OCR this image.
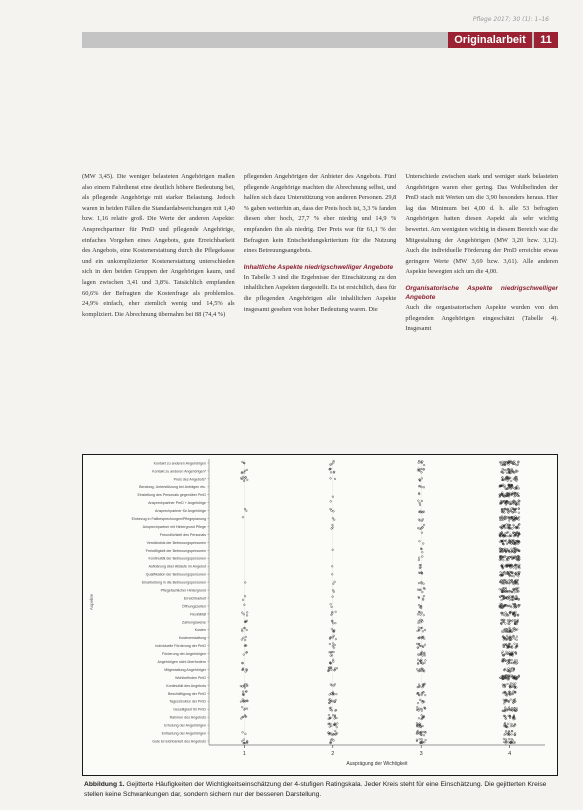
Pflege 2017; 30 (1): 1–16
Originalarbeit	11

(MW 3,45). Die weniger belasteten Angehörigen maßen also einem Fahrdienst eine deutlich höhere Bedeutung bei, als pflegende Angehörige mit starker Belastung. Jedoch waren in beiden Fällen die Standardabweichungen mit 1,40 bzw. 1,16 relativ groß. Die Werte der anderen Aspekte: Ansprechpartner für PmD und pflegende Angehörige, einfaches Vorgehen eines Angebots, gute Erreichbarkeit des Angebots, eine Kostenerstattung durch die Pflegekasse und ein unkomplizierter Kostenerstattung unterschieden sich in den beiden Gruppen der Angehörigen kaum, und lagen zwischen 3,41 und 3,8%. Tatsächlich empfanden 60,6% der Befragten die Kostenfrage als problemlos. 24,9% einfach, eher ziemlich wenig und 14,5% als kompliziert. Die Abrechnung übernahm bei 88 (74,4 %)

pflegenden Angehörigen der Anbieter des Angebots. Fünf pflegende Angehörige machten die Abrechnung selbst, und halfen sich dazu Unterstützung von anderen Personen. 29,8 % gaben weiterhin an, dass der Preis hoch ist, 3,3 % fanden diesen eher hoch, 27,7 % eher niedrig und 14,9 % empfanden ihn als niedrig. Der Preis war für 61,1 % der Befragten kein Entscheidungskriterium für die Nutzung eines Betreuungsangebots.

Inhaltliche Aspekte niedrigschwelliger Angebote

In Tabelle 3 sind die Ergebnisse der Einschätzung zu den inhaltlichen Aspekten dargestellt. Es ist ersichtlich, dass für die pflegenden Angehörigen alle inhaltlichen Aspekte insgesamt gesehen von hoher Bedeutung waren. Die

Unterschiede zwischen stark und weniger stark belasteten Angehörigen waren eher gering. Das Wohlbefinden der PmD stach mit Werten um die 3,90 besonders heraus. Hier lag das Minimum bei 4,00 d. h. alle 53 befragten Angehörigen hatten diesen Aspekt als sehr wichtig bewertet. Am wenigsten wichtig in diesem Bereich war die Mitgestaltung der Angehörigen (MW 3,20 bzw. 3,12). Auch die individuelle Förderung der PmD erreichte etwas geringere Werte (MW 3,69 bzw. 3,61). Alle anderen Aspekte bewegten sich um die 4,00.

Organisatorische Aspekte niedrigschwelliger Angebote

Auch die organisatorischen Aspekte wurden von den pflegenden Angehörigen eingeschätzt (Tabelle 4). Insgesamt

1	2	3	4
Ausprägung der Wichtigkeit
Aspekte
Kontakt zu anderen Angehörigen
Kontakt zu anderen Angehörigen*
Preis des Angebots*
Beratung, Unterstützung bei Anträgen etc.
Einstellung des Personals gegenüber PmD
Ansprechpartner PmD + Angehörige
Ansprechpartner für Angehörige
Einbezug in Fallbesprechungen/Pflegeplanung
Ansprechpartner mit Hintergrund Pflege
Freundlichkeit des Personals
Verständnis der Betreuungspersonen
Freiwilligkeit der Betreuungspersonen
Kontinuität der Betreuungspersonen
Aufklärung über Abläufe im Angebot
Qualifikation der Betreuungspersonen
Einarbeitung in die Betreuungspersonen
Pflegefachlicher Hintergrund
Erreichbarkeit
Öffnungszeiten
Flexibilität
Zahlungsweise
Kosten
Kostenerstattung
Individuelle Förderung der PmD
Förderung der Angehörigen
Angehörigen nicht überfordern
Mitgestaltung Angehöriger
Wohlbefinden PmD
Kontinuität des Angebots
Beschäftigung der PmD
Tagesstruktur der PmD
Geselligkeit für PmD
Rahmen des Angebots
Erholung der Angehörigen
Entlastung der Angehörigen
Gute Erreichbarkeit des Angebots
Abbildung 1. Gejitterte Häufigkeiten der Wichtigkeitseinschätzung der 4-stufigen Ratingskala. Jeder Kreis steht für eine Einschätzung. Die gejitterten Kreise stellen keine Schwankungen dar, sondern sichern nur der besseren Darstellung.
